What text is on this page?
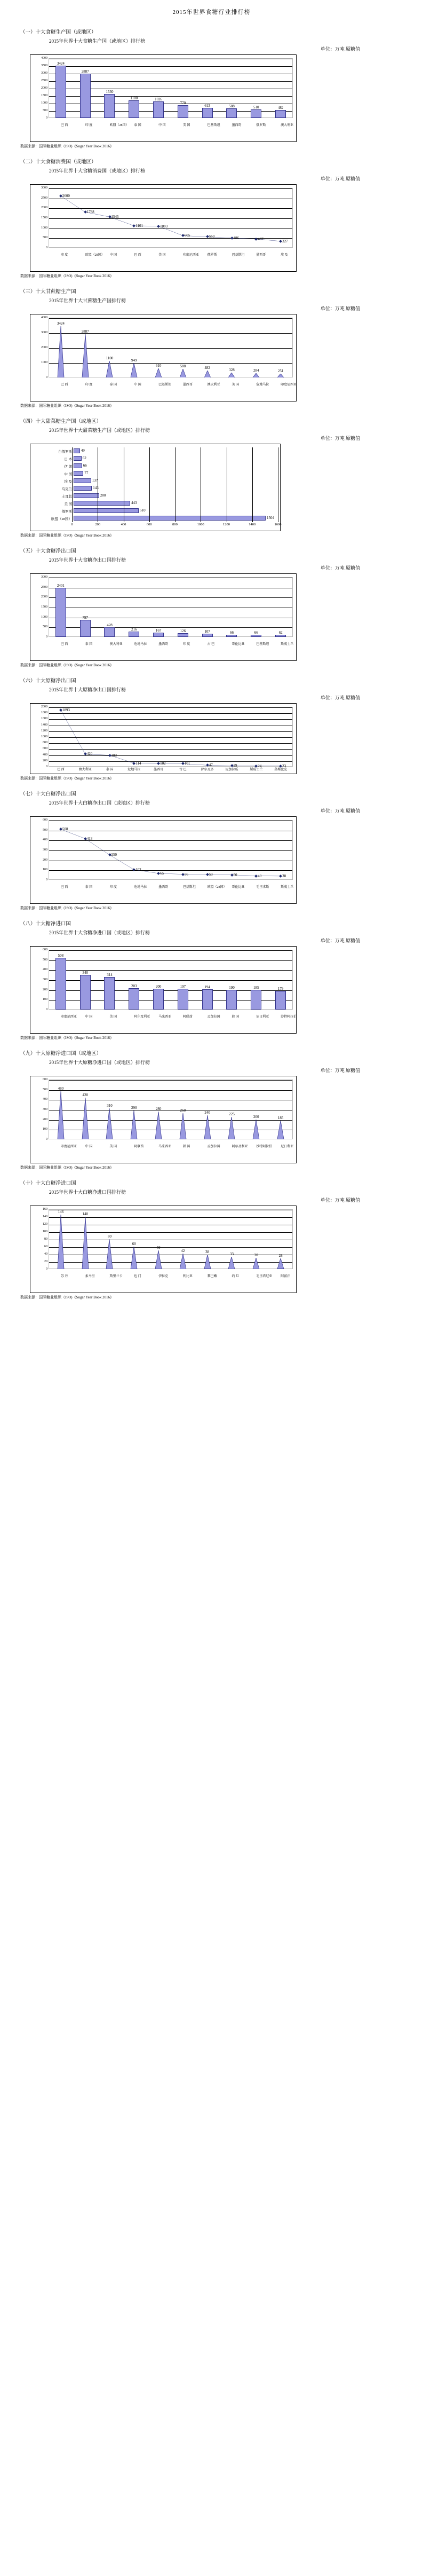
2015年世界食糖行业排行榜
（一）十大食糖生产国（或地区）
2015年世界十大食糖生产国（或地区）排行榜
单位：万吨 原糖值
0
500
1000
1500
2000
2500
3000
3500
4000
3424
2887
1530
1100	1026
770
613	588	510	482
巴 西	印 度	欧盟（28国） 泰 国	中 国	美 国	巴基斯坦	墨西哥	俄罗斯	澳大利亚
数据来源：国际糖业组织（ISO)《Sugar Year Book 2016》
（二）十大食糖消费国（或地区）
2015年世界十大食糖消费国（或地区）排行榜
单位：万吨 原糖值
0
500
1000
1500
2000
2500
3000
2600
1788
1545
1101	1083
605	550	486	437
327
印 度	欧盟（28国） 中 国	巴 西	美 国	印度尼西亚	俄罗斯	巴基斯坦	墨西哥	埃 及
数据来源：国际糖业组织（ISO)《Sugar Year Book 2016》
（三）十大甘蔗糖生产国
2015年世界十大甘蔗糖生产国排行榜
单位：万吨 原糖值
0
1000
2000
3000
4000
3424
2887
1100
949
610	588	482
328	284	251
巴 西	印 度	泰 国	中 国	巴基斯坦	墨西哥	澳大利亚	美 国	危地马拉	印度尼西亚
数据来源：国际糖业组织（ISO)《Sugar Year Book 2016》
（四）十大甜菜糖生产国（或地区）
2015年世界十大甜菜糖生产国（或地区）排行榜
单位：万吨 原糖值
白俄罗斯	49
日 本	62
伊 朗	66
中 国	77
埃 及	137
乌克兰	143
土耳其	200
美 国	443
俄罗斯	510
欧盟（28国）	1504
0	200	400	600	800	1000	1200	1400	1600
数据来源：国际糖业组织（ISO)《Sugar Year Book 2016》
（五）十大食糖净出口国
2015年世界十大食糖净出口国排行榜
单位：万吨 原糖值
0
500
1000
1500
2000
2500
3000
2401
797
428
216	167	126	107	66	66	62
巴 西	泰 国	澳大利亚	危地马拉	墨西哥	印 度	古 巴	哥伦比亚	巴基斯坦	斯威士兰
数据来源：国际糖业组织（ISO)《Sugar Year Book 2016》
（六）十大原糖净出口国
2015年世界十大原糖净出口国排行榜
单位：万吨 原糖值
0
200
400
600
800
1000
1200
1400
1600
1800
2000
1893
420	383
114	102	101	47	29	24	23
巴 西	澳大利亚	泰 国	危地马拉	墨西哥	古 巴	萨尔瓦多	尼加拉瓜	斯威士兰	莫桑比克
数据来源：国际糖业组织（ISO)《Sugar Year Book 2016》
（七）十大白糖净出口国
2015年世界十大白糖净出口国（或地区）排行榜
单位：万吨 原糖值
0
100
200
300
400
500
600
508
413
250
102
65	56	53	50	40	38
巴 西	泰 国	印 度	危地马拉	墨西哥	巴基斯坦	欧盟（28国） 哥伦比亚	毛里求斯	斯威士兰
数据来源：国际糖业组织（ISO)《Sugar Year Book 2016》
（八）十大糖净进口国
2015年世界十大食糖净进口国（或地区）排行榜
单位：万吨 原糖值
0
100
200
300
400
500
600
508
340
314
203	200	197	194	190	185	179
印度尼西亚	中 国	美 国	阿尔及利亚	马来西亚	阿联酋	孟加拉国	韩 国	尼日利亚	沙特阿拉伯
数据来源：国际糖业组织（ISO)《Sugar Year Book 2016》
（九）十大原糖净进口国（或地区）
2015年世界十大原糖净进口国（或地区）排行榜
单位：万吨 原糖值
0
100
200
300
400
500
600
480
420
310	290	280	260	240	225
200	185
印度尼西亚	中 国	美 国	阿联酋	马来西亚	韩 国	孟加拉国	阿尔及利亚	沙特阿拉伯	尼日利亚
数据来源：国际糖业组织（ISO)《Sugar Year Book 2016》
（十）十大白糖净进口国
2015年世界十大白糖净进口国排行榜
单位：万吨 原糖值
0
20
40
60
80
100
120
140
160
146
140
80
60
50
42	38	33	30	28
苏 丹	索马里	斯里兰卡	也 门	伊拉克	利比亚	黎巴嫩	约 旦	毛里塔尼亚	阿富汗
数据来源：国际糖业组织（ISO)《Sugar Year Book 2016》
